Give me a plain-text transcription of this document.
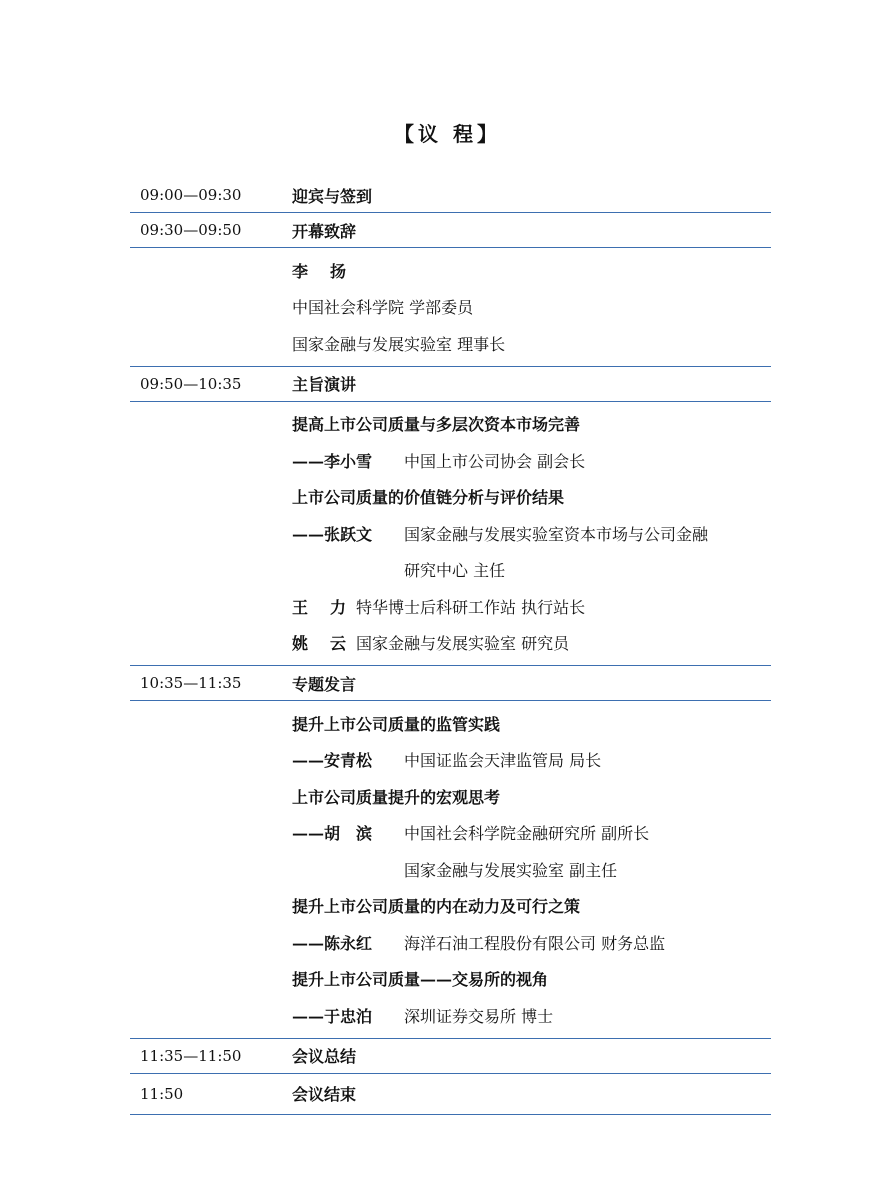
【议 程】
09:00—09:30	迎宾与签到
09:30—09:50	开幕致辞
李 扬
中国社会科学院 学部委员
国家金融与发展实验室 理事长
09:50—10:35	主旨演讲
提高上市公司质量与多层次资本市场完善
——李小雪	中国上市公司协会 副会长
上市公司质量的价值链分析与评价结果
——张跃文	国家金融与发展实验室资本市场与公司金融
研究中心 主任
王 力 特华博士后科研工作站 执行站长
姚 云 国家金融与发展实验室 研究员
10:35—11:35	专题发言
提升上市公司质量的监管实践
——安青松	中国证监会天津监管局 局长
上市公司质量提升的宏观思考
——胡　滨	中国社会科学院金融研究所 副所长
国家金融与发展实验室 副主任
提升上市公司质量的内在动力及可行之策
——陈永红	海洋石油工程股份有限公司 财务总监
提升上市公司质量——交易所的视角
——于忠泊	深圳证券交易所 博士
11:35—11:50	会议总结
11:50	会议结束
